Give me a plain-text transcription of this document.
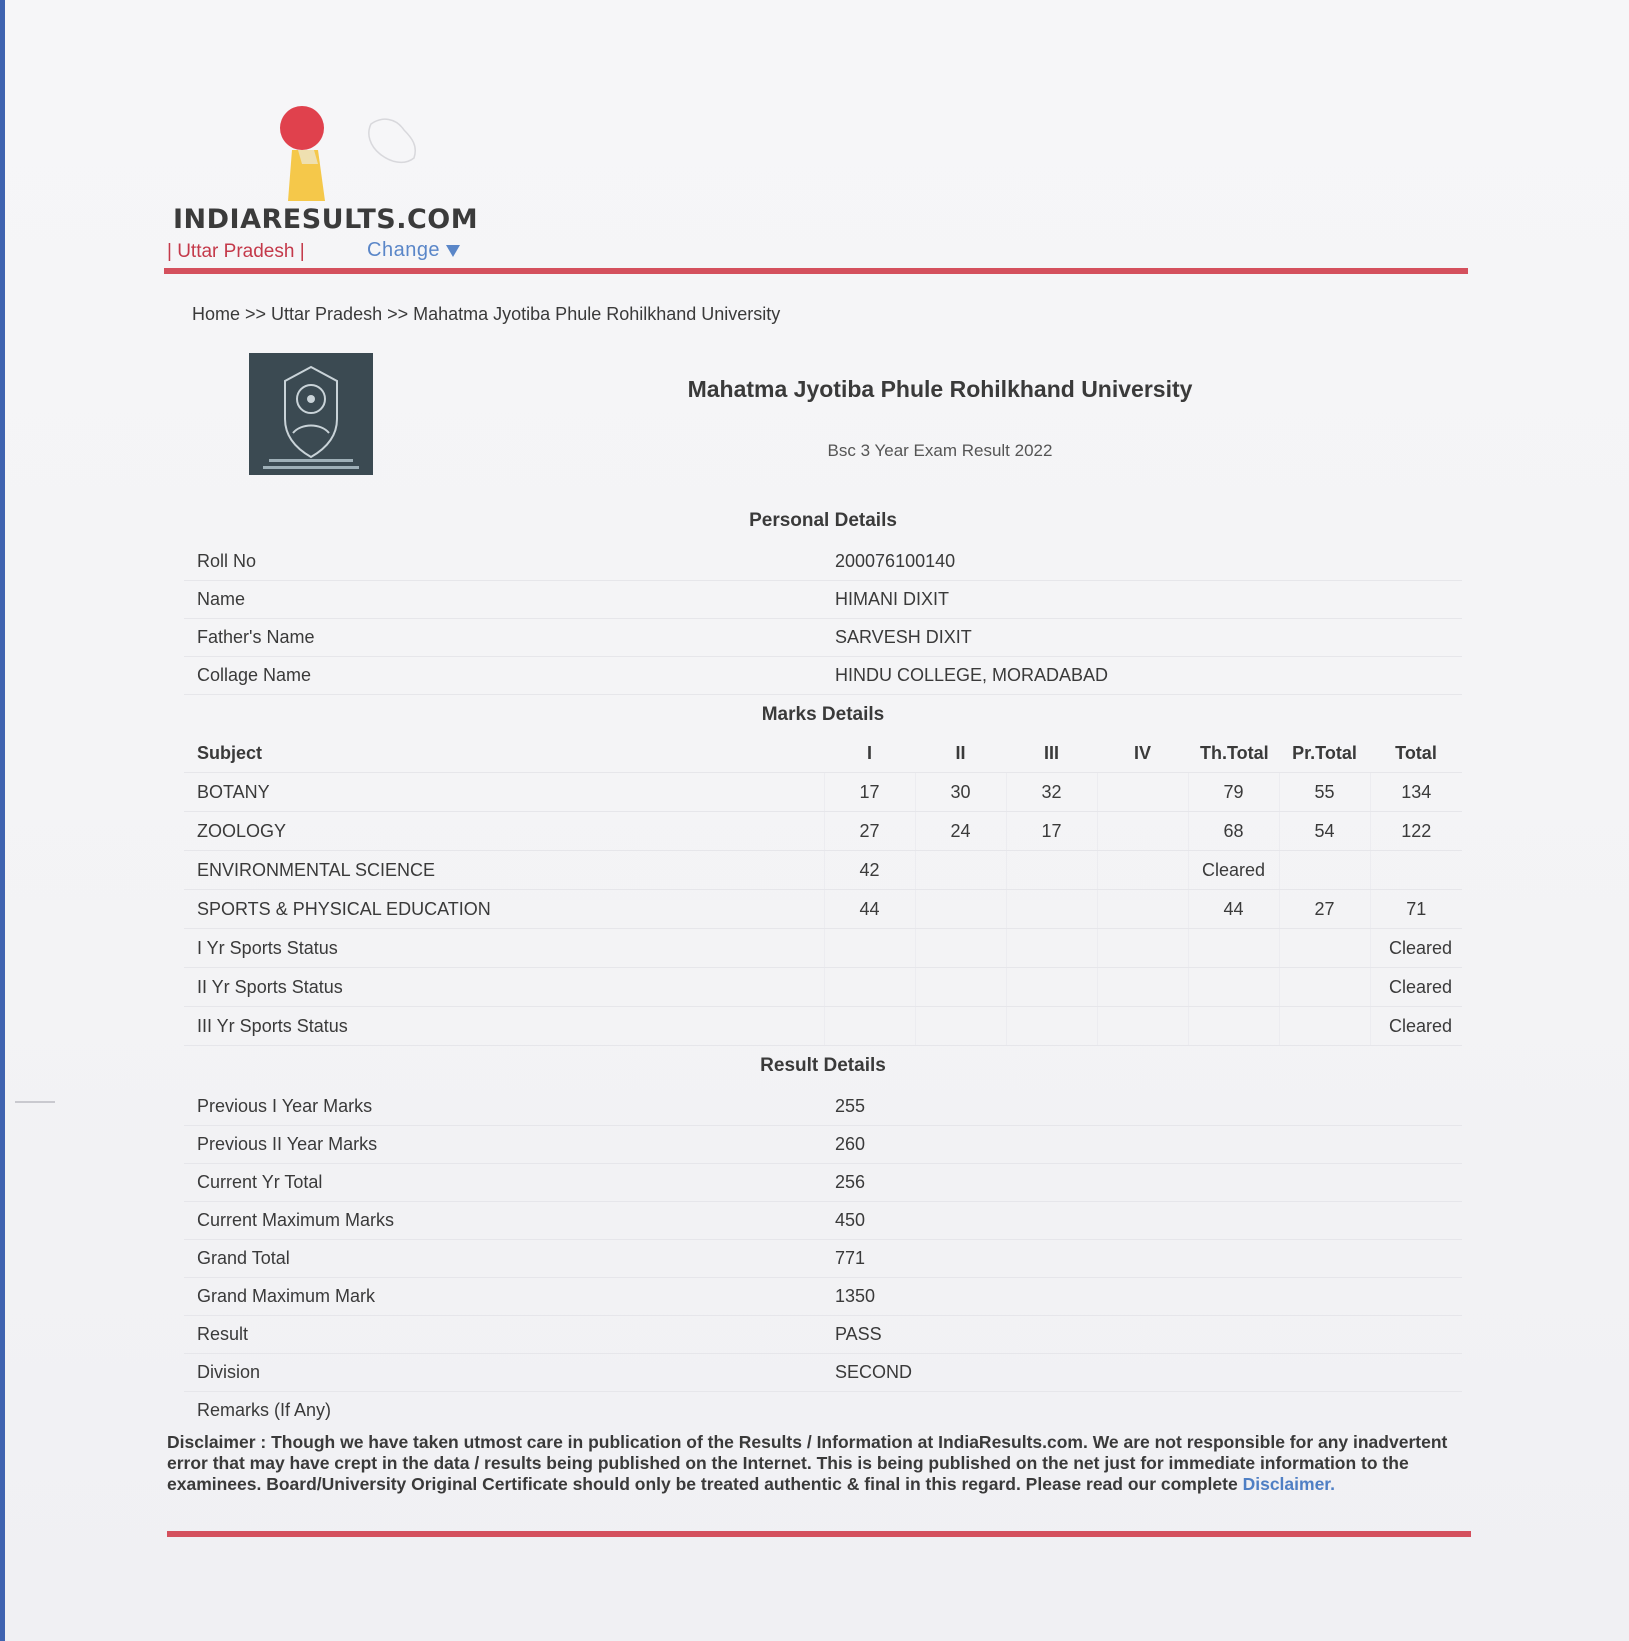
INDIARESULTS.COM
| Uttar Pradesh |	Change
Home >> Uttar Pradesh >> Mahatma Jyotiba Phule Rohilkhand University
Mahatma Jyotiba Phule Rohilkhand University
Bsc 3 Year Exam Result 2022
Personal Details
Roll No	200076100140
Name	HIMANI DIXIT
Father's Name	SARVESH DIXIT
Collage Name	HINDU COLLEGE, MORADABAD
Marks Details
Subject	I	II	III	IV	Th.Total	Pr.Total	Total
BOTANY	17	30	32		79	55	134
ZOOLOGY	27	24	17		68	54	122
ENVIRONMENTAL SCIENCE	42				Cleared		
SPORTS & PHYSICAL EDUCATION	44				44	27	71
I Yr Sports Status							Cleared
II Yr Sports Status							Cleared
III Yr Sports Status							Cleared
Result Details
Previous I Year Marks	255
Previous II Year Marks	260
Current Yr Total	256
Current Maximum Marks	450
Grand Total	771
Grand Maximum Mark	1350
Result	PASS
Division	SECOND
Remarks (If Any)	
Disclaimer : Though we have taken utmost care in publication of the Results / Information at IndiaResults.com. We are not responsible for any inadvertent error that may have crept in the data / results being published on the Internet. This is being published on the net just for immediate information to the examinees. Board/University Original Certificate should only be treated authentic & final in this regard. Please read our complete Disclaimer.
